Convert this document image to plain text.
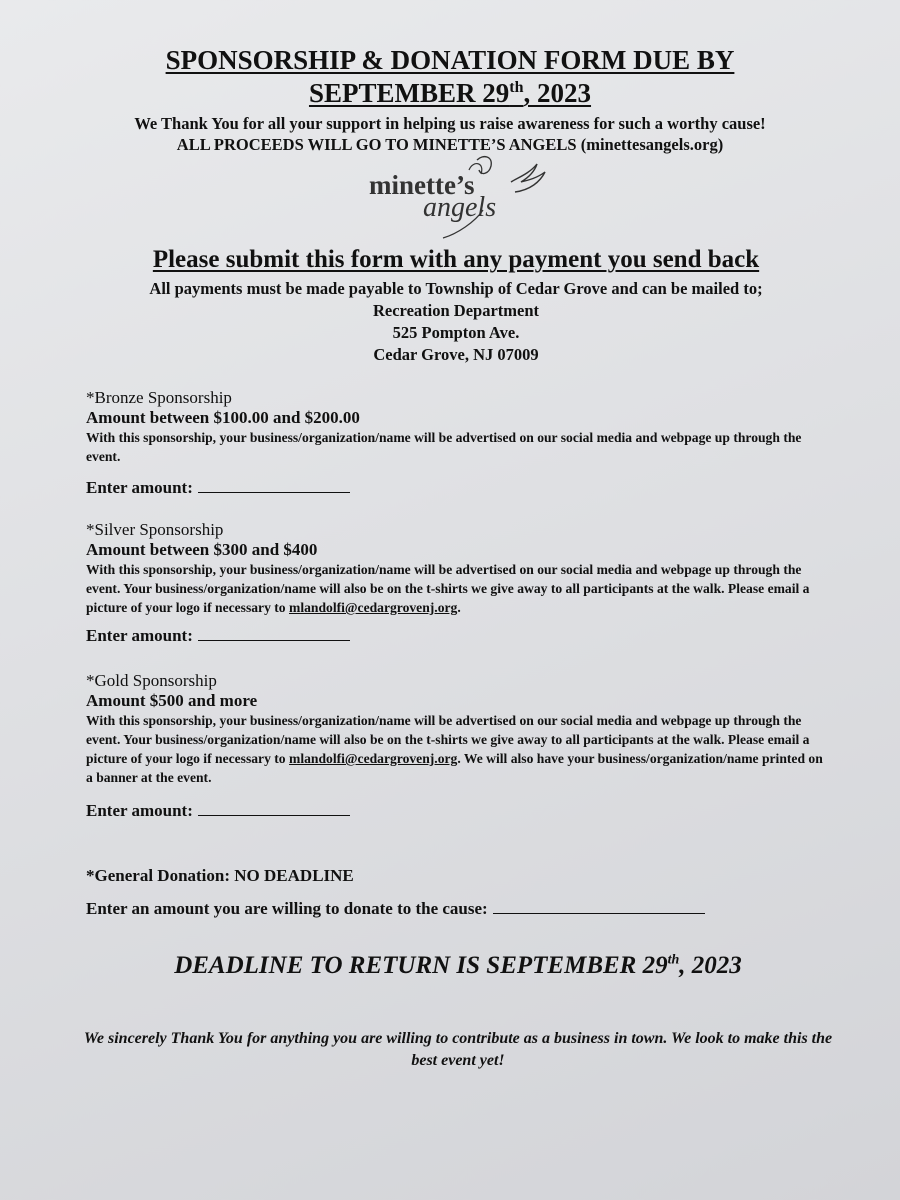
SPONSORSHIP & DONATION FORM DUE BY
SEPTEMBER 29th, 2023
We Thank You for all your support in helping us raise awareness for such a worthy cause!
ALL PROCEEDS WILL GO TO MINETTE’S ANGELS (minettesangels.org)
minette’s
angels
Please submit this form with any payment you send back
All payments must be made payable to Township of Cedar Grove and can be mailed to;
Recreation Department
525 Pompton Ave.
Cedar Grove, NJ 07009
*Bronze Sponsorship
Amount between $100.00 and $200.00
With this sponsorship, your business/organization/name will be advertised on our social media and webpage up through the event.
Enter amount:
*Silver Sponsorship
Amount between $300 and $400
With this sponsorship, your business/organization/name will be advertised on our social media and webpage up through the event. Your business/organization/name will also be on the t-shirts we give away to all participants at the walk. Please email a picture of your logo if necessary to mlandolfi@cedargrovenj.org.
Enter amount:
*Gold Sponsorship
Amount $500 and more
With this sponsorship, your business/organization/name will be advertised on our social media and webpage up through the event. Your business/organization/name will also be on the t-shirts we give away to all participants at the walk. Please email a picture of your logo if necessary to mlandolfi@cedargrovenj.org. We will also have your business/organization/name printed on a banner at the event.
Enter amount:
*General Donation: NO DEADLINE
Enter an amount you are willing to donate to the cause:
DEADLINE TO RETURN IS SEPTEMBER 29th, 2023
We sincerely Thank You for anything you are willing to contribute as a business in town. We look to make this the best event yet!
